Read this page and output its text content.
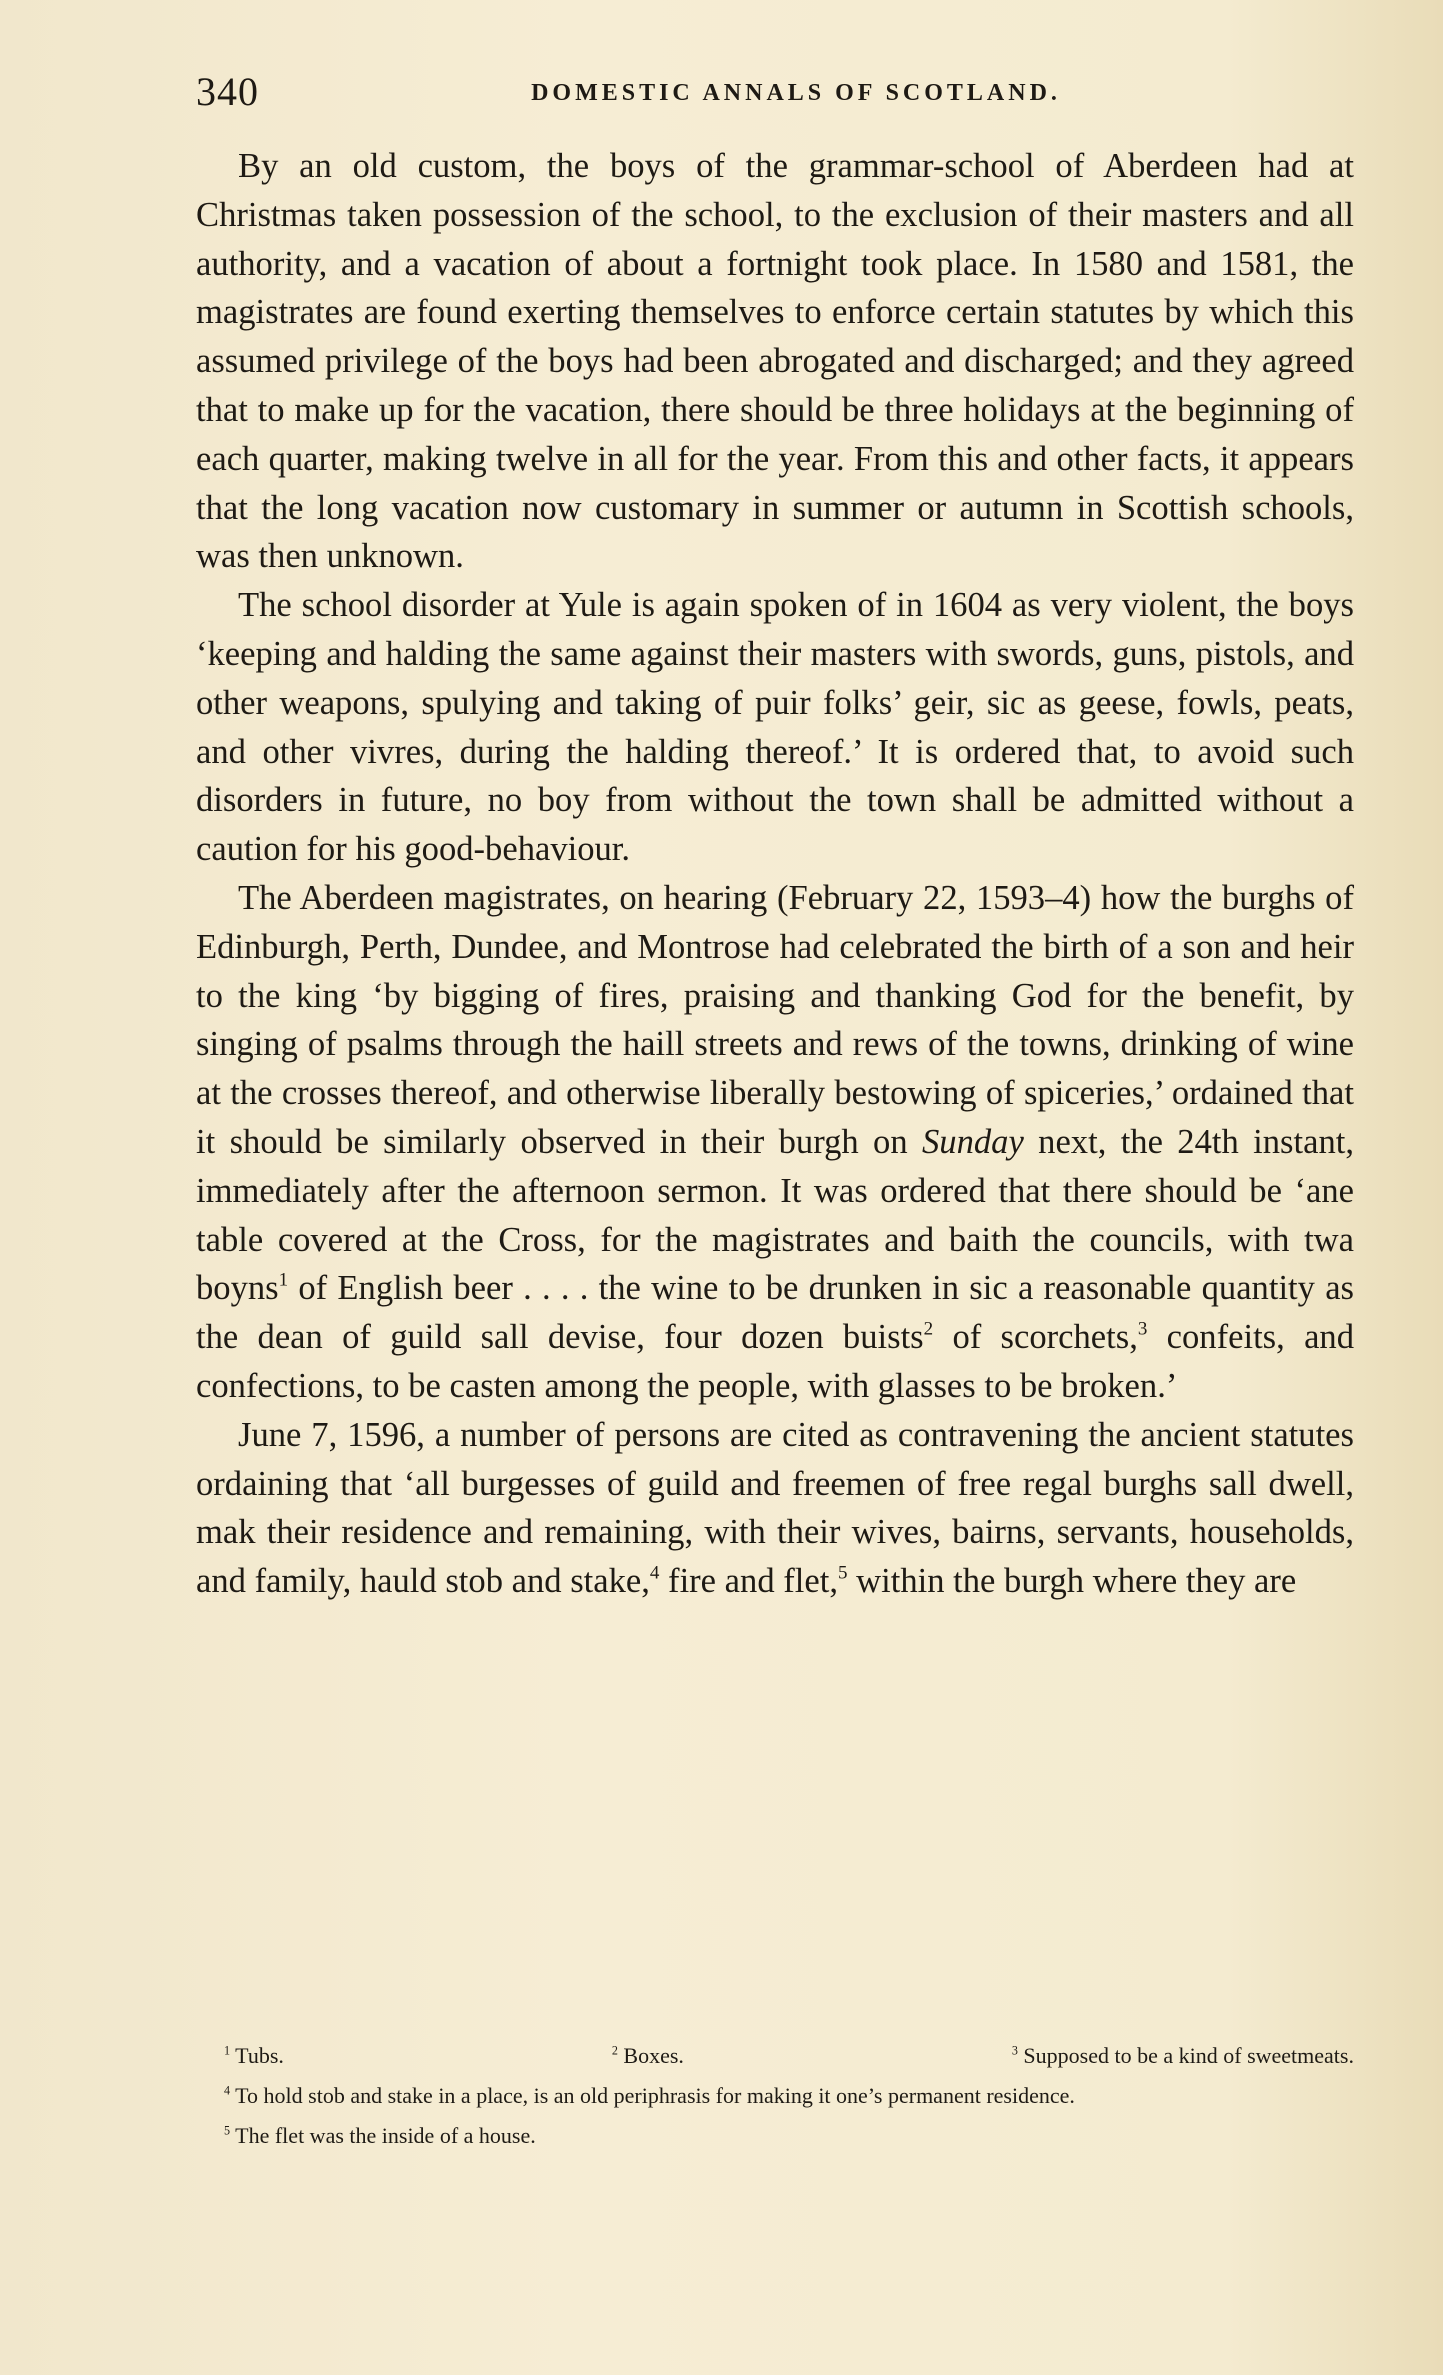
340	DOMESTIC ANNALS OF SCOTLAND.

By an old custom, the boys of the grammar-school of Aberdeen had at Christmas taken possession of the school, to the exclusion of their masters and all authority, and a vacation of about a fortnight took place. In 1580 and 1581, the magistrates are found exerting themselves to enforce certain statutes by which this assumed privilege of the boys had been abrogated and discharged; and they agreed that to make up for the vacation, there should be three holidays at the beginning of each quarter, making twelve in all for the year. From this and other facts, it appears that the long vacation now customary in summer or autumn in Scottish schools, was then unknown.

The school disorder at Yule is again spoken of in 1604 as very violent, the boys ‘keeping and halding the same against their masters with swords, guns, pistols, and other weapons, spulying and taking of puir folks’ geir, sic as geese, fowls, peats, and other vivres, during the halding thereof.’ It is ordered that, to avoid such disorders in future, no boy from without the town shall be admitted without a caution for his good-behaviour.

The Aberdeen magistrates, on hearing (February 22, 1593–4) how the burghs of Edinburgh, Perth, Dundee, and Montrose had celebrated the birth of a son and heir to the king ‘by bigging of fires, praising and thanking God for the benefit, by singing of psalms through the haill streets and rews of the towns, drinking of wine at the crosses thereof, and otherwise liberally bestowing of spiceries,’ ordained that it should be similarly observed in their burgh on Sunday next, the 24th instant, immediately after the afternoon sermon. It was ordered that there should be ‘ane table covered at the Cross, for the magistrates and baith the councils, with twa boyns$^1$ of English beer . . . . the wine to be drunken in sic a reasonable quantity as the dean of guild sall devise, four dozen buists$^2$ of scorchets,$^3$ confeits, and confections, to be casten among the people, with glasses to be broken.’

June 7, 1596, a number of persons are cited as contravening the ancient statutes ordaining that ‘all burgesses of guild and freemen of free regal burghs sall dwell, mak their residence and remaining, with their wives, bairns, servants, households, and family, hauld stob and stake,$^4$ fire and flet,$^5$ within the burgh where they are

$^1$ Tubs.	$^2$ Boxes.	$^3$ Supposed to be a kind of sweetmeats.
$^4$ To hold stob and stake in a place, is an old periphrasis for making it one’s permanent residence.
$^5$ The flet was the inside of a house.
